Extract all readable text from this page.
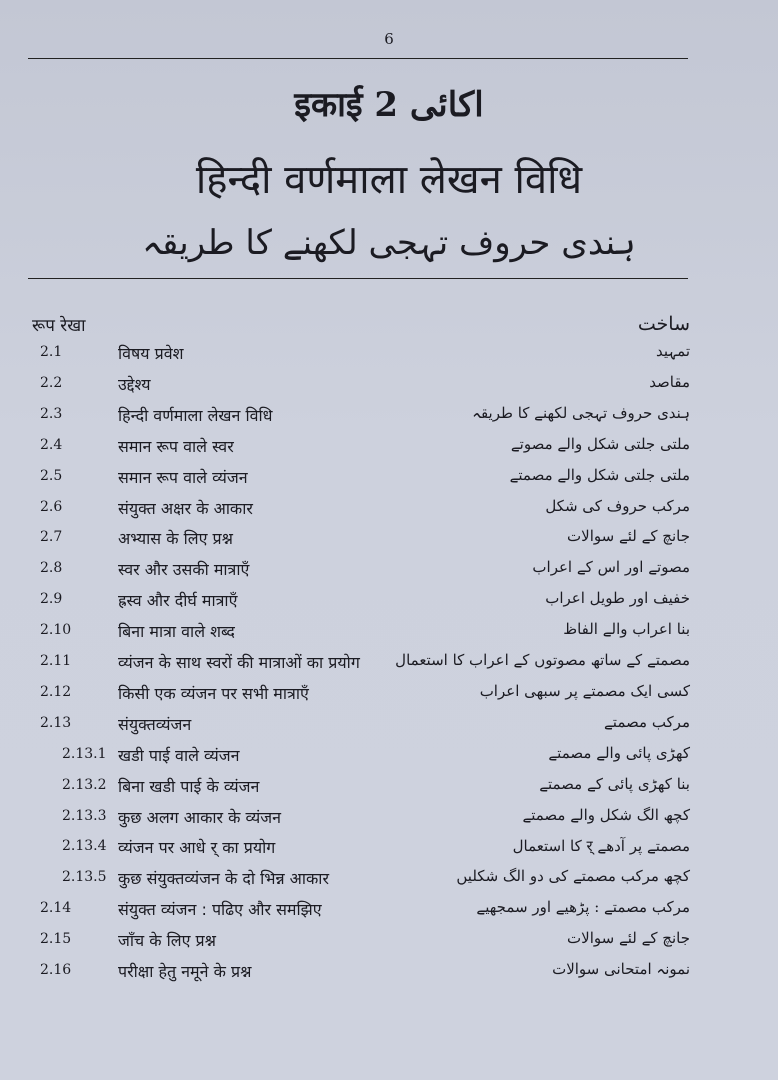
6
इकाई 2 اکائی
हिन्दी वर्णमाला लेखन विधि
ہندی حروف تہجی لکھنے کا طریقہ
रूप रेखा	ساخت
2.1	विषय प्रवेश	تمہید
2.2	उद्देश्य	مقاصد
2.3	हिन्दी वर्णमाला लेखन विधि	ہندی حروف تہجی لکھنے کا طریقہ
2.4	समान रूप वाले स्वर	ملتی جلتی شکل والے مصوتے
2.5	समान रूप वाले व्यंजन	ملتی جلتی شکل والے مصمتے
2.6	संयुक्त अक्षर के आकार	مرکب حروف کی شکل
2.7	अभ्यास के लिए प्रश्न	جانچ کے لئے سوالات
2.8	स्वर और उसकी मात्राएँ	مصوتے اور اس کے اعراب
2.9	ह्रस्व और दीर्घ मात्राएँ	خفیف اور طویل اعراب
2.10	बिना मात्रा वाले शब्द	بنا اعراب والے الفاظ
2.11	व्यंजन के साथ स्वरों की मात्राओं का प्रयोग مصمتے کے ساتھ مصوتوں کے اعراب کا استعمال
2.12	किसी एक व्यंजन पर सभी मात्राएँ	کسی ایک مصمتے پر سبھی اعراب
2.13	संयुक्तव्यंजन	مرکب مصمتے
2.13.1 खडी पाई वाले व्यंजन	کھڑی پائی والے مصمتے
2.13.2 बिना खडी पाई के व्यंजन	بنا کھڑی پائی کے مصمتے
2.13.3 कुछ अलग आकार के व्यंजन	کچھ الگ شکل والے مصمتے
2.13.4 व्यंजन पर आधे र् का प्रयोग	مصمتے پر آدھے र् کا استعمال
2.13.5 कुछ संयुक्तव्यंजन के दो भिन्न आकार	کچھ مرکب مصمتے کی دو الگ شکلیں
2.14	संयुक्त व्यंजन : पढिए और समझिए	مرکب مصمتے : پڑھیے اور سمجھیے
2.15	जाँच के लिए प्रश्न	جانچ کے لئے سوالات
2.16	परीक्षा हेतु नमूने के प्रश्न	نمونہ امتحانی سوالات
